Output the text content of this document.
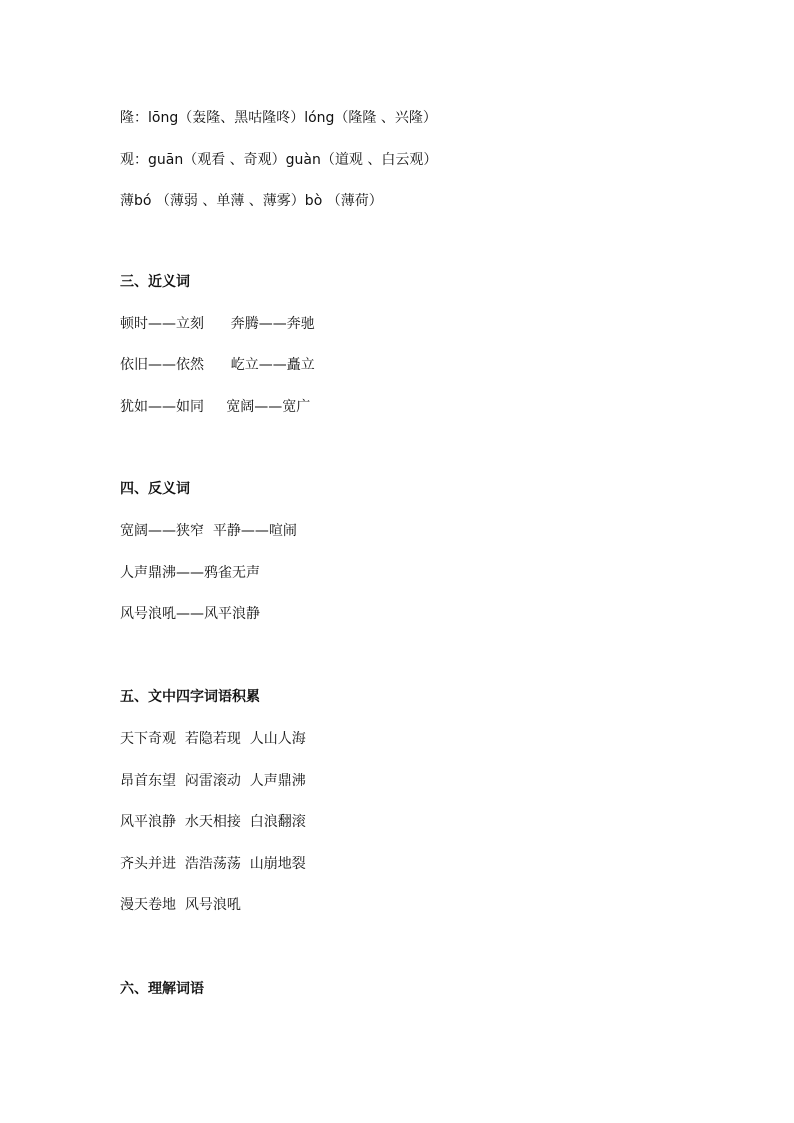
隆：lōng（轰隆、黑咕隆咚）lóng（隆隆 、兴隆）
观：guān（观看 、奇观）guàn（道观 、白云观）
薄bó （薄弱 、单薄 、薄雾）bò （薄荷）
三、近义词
顿时——立刻      奔腾——奔驰
依旧——依然      屹立——矗立
犹如——如同     宽阔——宽广
四、反义词
宽阔——狭窄  平静——喧闹
人声鼎沸——鸦雀无声
风号浪吼——风平浪静
五、文中四字词语积累
天下奇观  若隐若现  人山人海
昂首东望  闷雷滚动  人声鼎沸
风平浪静  水天相接  白浪翻滚
齐头并进  浩浩荡荡  山崩地裂
漫天卷地  风号浪吼
六、理解词语
